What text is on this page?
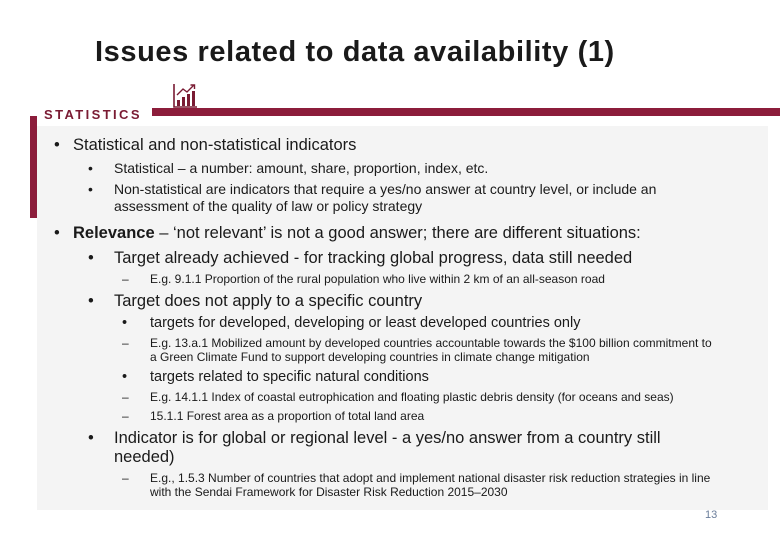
Issues related to data availability (1)
STATISTICS
• Statistical and non-statistical indicators
• Statistical – a number: amount, share, proportion, index, etc.
• Non-statistical are indicators that require a yes/no answer at country level, or include an
assessment of the quality of law or policy strategy
• Relevance – ‘not relevant’ is not a good answer; there are different situations:
• Target already achieved - for tracking global progress, data still needed
– E.g. 9.1.1 Proportion of the rural population who live within 2 km of an all-season road
• Target does not apply to a specific country
• targets for developed, developing or least developed countries only
– E.g. 13.a.1 Mobilized amount by developed countries accountable towards the $100 billion commitment to
a Green Climate Fund to support developing countries in climate change mitigation
• targets related to specific natural conditions
– E.g. 14.1.1 Index of coastal eutrophication and floating plastic debris density (for oceans and seas)
– 15.1.1 Forest area as a proportion of total land area
• Indicator is for global or regional level - a yes/no answer from a country still
needed)
– E.g., 1.5.3 Number of countries that adopt and implement national disaster risk reduction strategies in line
with the Sendai Framework for Disaster Risk Reduction 2015–2030
13
